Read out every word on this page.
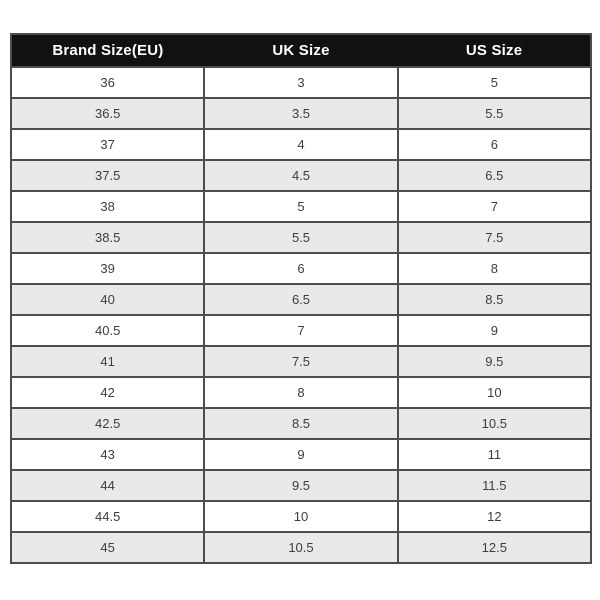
Brand Size(EU)	UK Size	US Size
36	3	5
36.5	3.5	5.5
37	4	6
37.5	4.5	6.5
38	5	7
38.5	5.5	7.5
39	6	8
40	6.5	8.5
40.5	7	9
41	7.5	9.5
42	8	10
42.5	8.5	10.5
43	9	11
44	9.5	11.5
44.5	10	12
45	10.5	12.5
